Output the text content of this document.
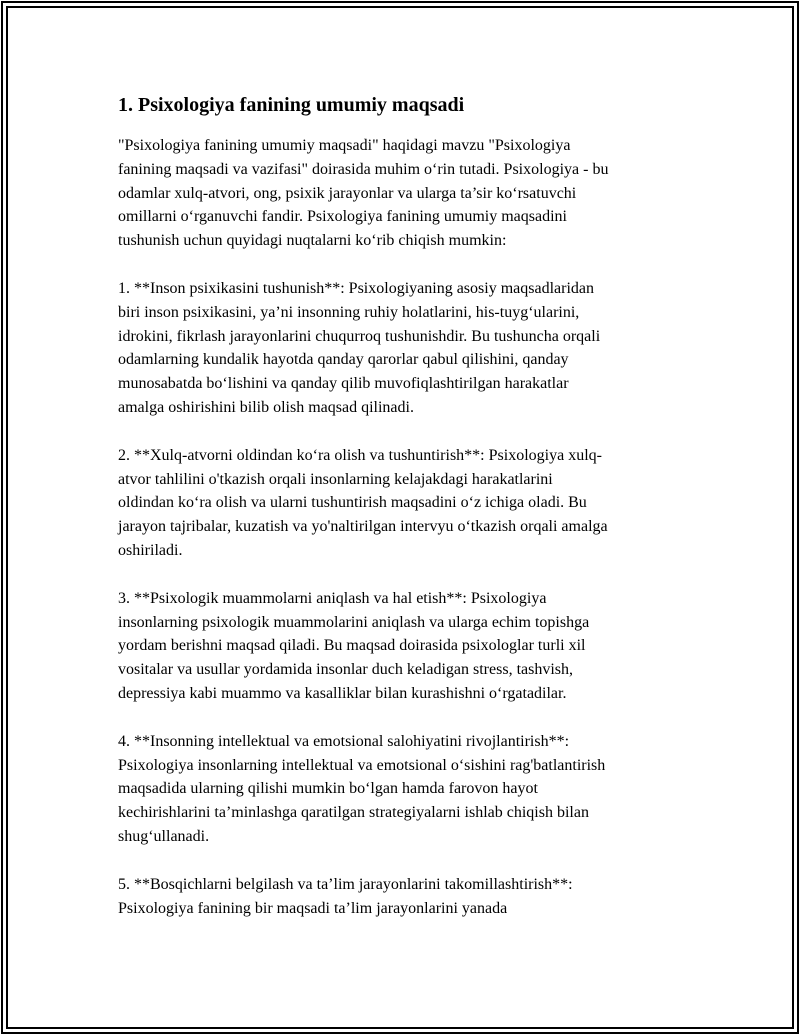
1. Psixologiya fanining umumiy maqsadi
"Psixologiya fanining umumiy maqsadi" haqidagi mavzu "Psixologiya
fanining maqsadi va vazifasi" doirasida muhim o‘rin tutadi. Psixologiya - bu
odamlar xulq-atvori, ong, psixik jarayonlar va ularga ta’sir ko‘rsatuvchi
omillarni o‘rganuvchi fandir. Psixologiya fanining umumiy maqsadini
tushunish uchun quyidagi nuqtalarni ko‘rib chiqish mumkin:
1. **Inson psixikasini tushunish**: Psixologiyaning asosiy maqsadlaridan
biri inson psixikasini, ya’ni insonning ruhiy holatlarini, his-tuyg‘ularini,
idrokini, fikrlash jarayonlarini chuqurroq tushunishdir. Bu tushuncha orqali
odamlarning kundalik hayotda qanday qarorlar qabul qilishini, qanday
munosabatda bo‘lishini va qanday qilib muvofiqlashtirilgan harakatlar
amalga oshirishini bilib olish maqsad qilinadi.
2. **Xulq-atvorni oldindan ko‘ra olish va tushuntirish**: Psixologiya xulq-
atvor tahlilini o'tkazish orqali insonlarning kelajakdagi harakatlarini
oldindan ko‘ra olish va ularni tushuntirish maqsadini o‘z ichiga oladi. Bu
jarayon tajribalar, kuzatish va yo'naltirilgan intervyu o‘tkazish orqali amalga
oshiriladi.
3. **Psixologik muammolarni aniqlash va hal etish**: Psixologiya
insonlarning psixologik muammolarini aniqlash va ularga echim topishga
yordam berishni maqsad qiladi. Bu maqsad doirasida psixologlar turli xil
vositalar va usullar yordamida insonlar duch keladigan stress, tashvish,
depressiya kabi muammo va kasalliklar bilan kurashishni o‘rgatadilar.
4. **Insonning intellektual va emotsional salohiyatini rivojlantirish**:
Psixologiya insonlarning intellektual va emotsional o‘sishini rag'batlantirish
maqsadida ularning qilishi mumkin bo‘lgan hamda farovon hayot
kechirishlarini ta’minlashga qaratilgan strategiyalarni ishlab chiqish bilan
shug‘ullanadi.
5. **Bosqichlarni belgilash va ta’lim jarayonlarini takomillashtirish**:
Psixologiya fanining bir maqsadi ta’lim jarayonlarini yanada
